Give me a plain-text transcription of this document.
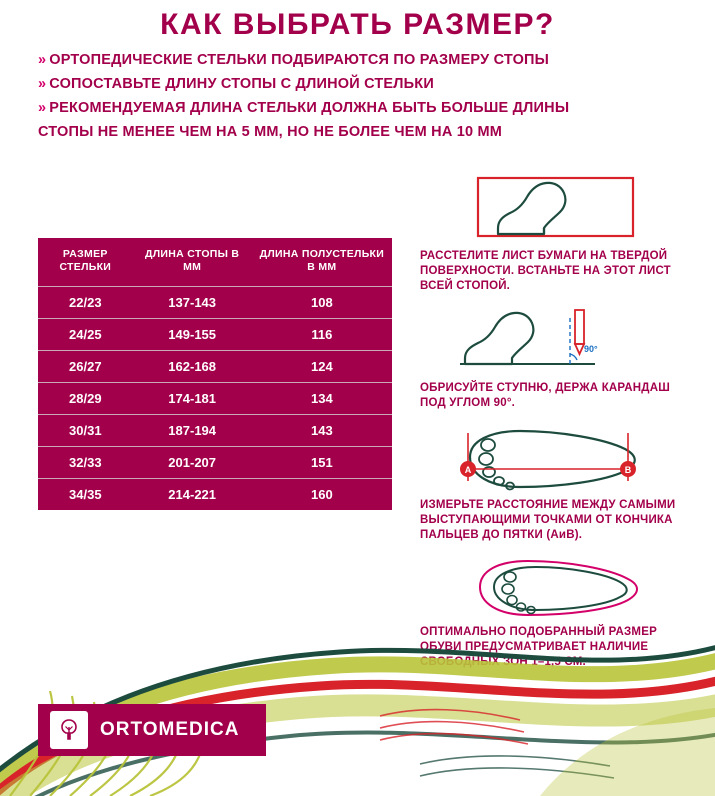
КАК ВЫБРАТЬ РАЗМЕР?
» ОРТОПЕДИЧЕСКИЕ СТЕЛЬКИ ПОДБИРАЮТСЯ ПО РАЗМЕРУ СТОПЫ
» СОПОСТАВЬТЕ ДЛИНУ СТОПЫ С ДЛИНОЙ СТЕЛЬКИ
» РЕКОМЕНДУЕМАЯ ДЛИНА СТЕЛЬКИ ДОЛЖНА БЫТЬ БОЛЬШЕ ДЛИНЫ
СТОПЫ НЕ МЕНЕЕ ЧЕМ НА 5 ММ, НО НЕ БОЛЕЕ ЧЕМ НА 10 ММ
РАЗМЕР СТЕЛЬКИ	ДЛИНА СТОПЫ В ММ	ДЛИНА ПОЛУСТЕЛЬКИ В ММ
22/23	137-143	108
24/25	149-155	116
26/27	162-168	124
28/29	174-181	134
30/31	187-194	143
32/33	201-207	151
34/35	214-221	160
РАССТЕЛИТЕ ЛИСТ БУМАГИ НА ТВЕРДОЙ ПОВЕРХНОСТИ. ВСТАНЬТЕ НА ЭТОТ ЛИСТ ВСЕЙ СТОПОЙ.
90°
ОБРИСУЙТЕ СТУПНЮ, ДЕРЖА КАРАНДАШ ПОД УГЛОМ 90°.
A	B
ИЗМЕРЬТЕ РАССТОЯНИЕ МЕЖДУ САМЫМИ ВЫСТУПАЮЩИМИ ТОЧКАМИ ОТ КОНЧИКА ПАЛЬЦЕВ ДО ПЯТКИ (АиВ).
ОПТИМАЛЬНО ПОДОБРАННЫЙ РАЗМЕР ОБУВИ ПРЕДУСМАТРИВАЕТ НАЛИЧИЕ СВОБОДНЫХ ЗОН 1–1,5 СМ.
ORTOMEDICA
